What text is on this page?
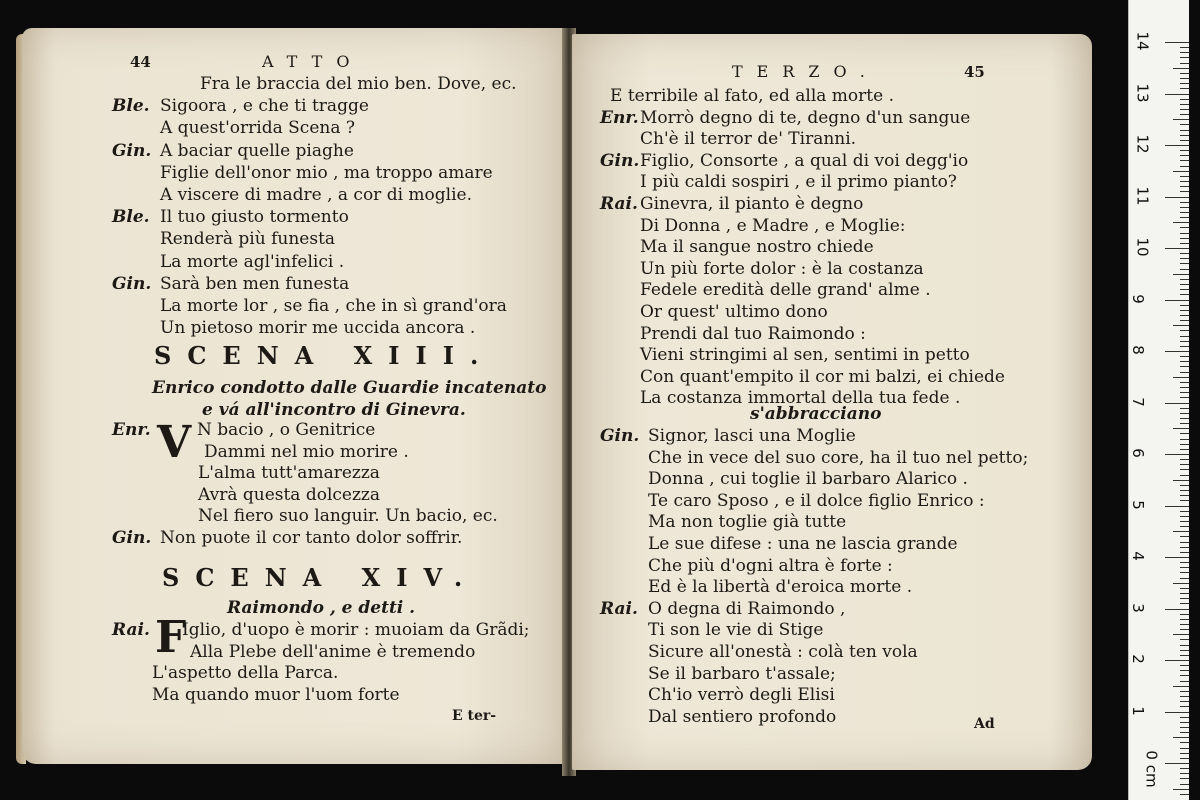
44	ATTO
Fra le braccia del mio ben. Dove, ec.
Ble. Sigoora , e che ti tragge
A quest'orrida Scena ?
Gin. A baciar quelle piaghe
Figlie dell'onor mio , ma troppo amare
A viscere di madre , a cor di moglie.
Ble. Il tuo giusto tormento
Renderà più funesta
La morte agl'infelici .
Gin. Sarà ben men funesta
La morte lor , se fia , che in sì grand'ora
Un pietoso morir me uccida ancora .
SCENA XIII.
Enrico condotto dalle Guardie incatenato
e vá all'incontro di Ginevra.
V
Enr.	N bacio , o Genitrice
Dammi nel mio morire .
L'alma tutt'amarezza
Avrà questa dolcezza
Nel fiero suo languir. Un bacio, ec.
Gin. Non puote il cor tanto dolor soffrir.
SCENA XIV.
Raimondo , e detti .
F
Rai. Iglio, d'uopo è morir : muoiam da Grãdi;
Alla Plebe dell'anime è tremendo
L'aspetto della Parca.
Ma quando muor l'uom forte
E ter-
TERZO.	45
E terribile al fato, ed alla morte .
Enr. Morrò degno di te, degno d'un sangue
Ch'è il terror de' Tiranni.
Gin. Figlio, Consorte , a qual di voi degg'io
I più caldi sospiri , e il primo pianto?
Rai. Ginevra, il pianto è degno
Di Donna , e Madre , e Moglie:
Ma il sangue nostro chiede
Un più forte dolor : è la costanza
Fedele eredità delle grand' alme .
Or quest' ultimo dono
Prendi dal tuo Raimondo :
Vieni stringimi al sen, sentimi in petto
Con quant'empito il cor mi balzi, ei chiede
La costanza immortal della tua fede .
s'abbracciano
Gin. Signor, lasci una Moglie
Che in vece del suo core, ha il tuo nel petto;
Donna , cui toglie il barbaro Alarico .
Te caro Sposo , e il dolce figlio Enrico :
Ma non toglie già tutte
Le sue difese : una ne lascia grande
Che più d'ogni altra è forte :
Ed è la libertà d'eroica morte .
Rai. O degna di Raimondo ,
Ti son le vie di Stige
Sicure all'onestà : colà ten vola
Se il barbaro t'assale;
Ch'io verrò degli Elisi
Dal sentiero profondo	Ad
14
13
12
11
10
9
8
7
6
5
4
3
2
1
0 cm
